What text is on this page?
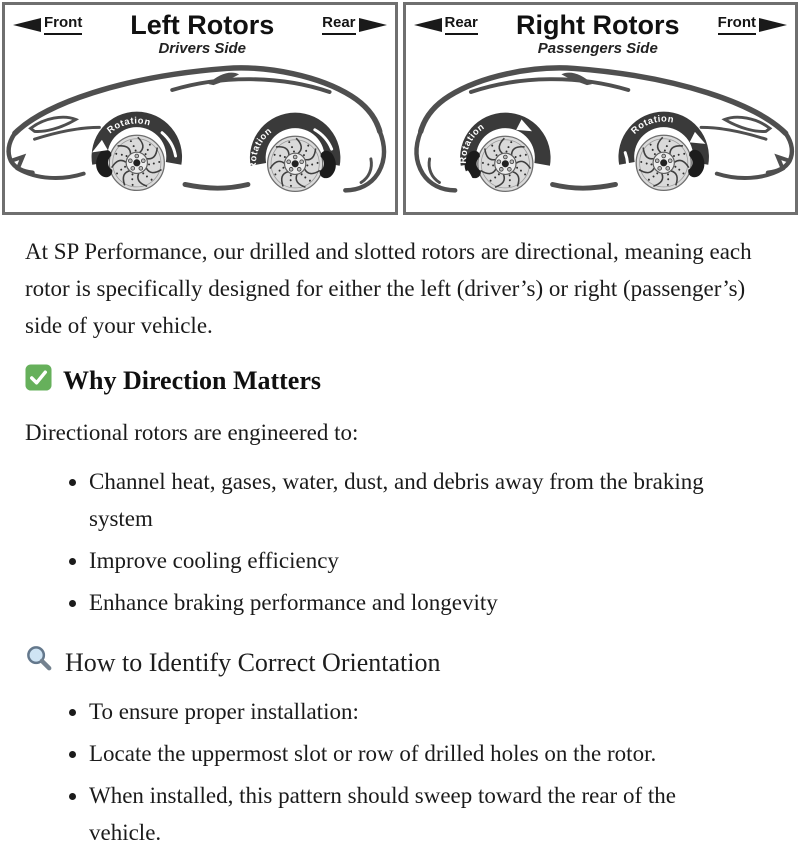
Front	Left Rotors
Drivers Side
Rear
Rotation
Rotation
Rear	Right Rotors
Passengers Side
Front
Rotation
Rotation

At SP Performance, our drilled and slotted rotors are directional, meaning each rotor is specifically designed for either the left (driver’s) or right (passenger’s) side of your vehicle.

Why Direction Matters

Directional rotors are engineered to:

• Channel heat, gases, water, dust, and debris away from the braking system
• Improve cooling efficiency
• Enhance braking performance and longevity
How to Identify Correct Orientation
• To ensure proper installation:
• Locate the uppermost slot or row of drilled holes on the rotor.
• When installed, this pattern should sweep toward the rear of the vehicle.
